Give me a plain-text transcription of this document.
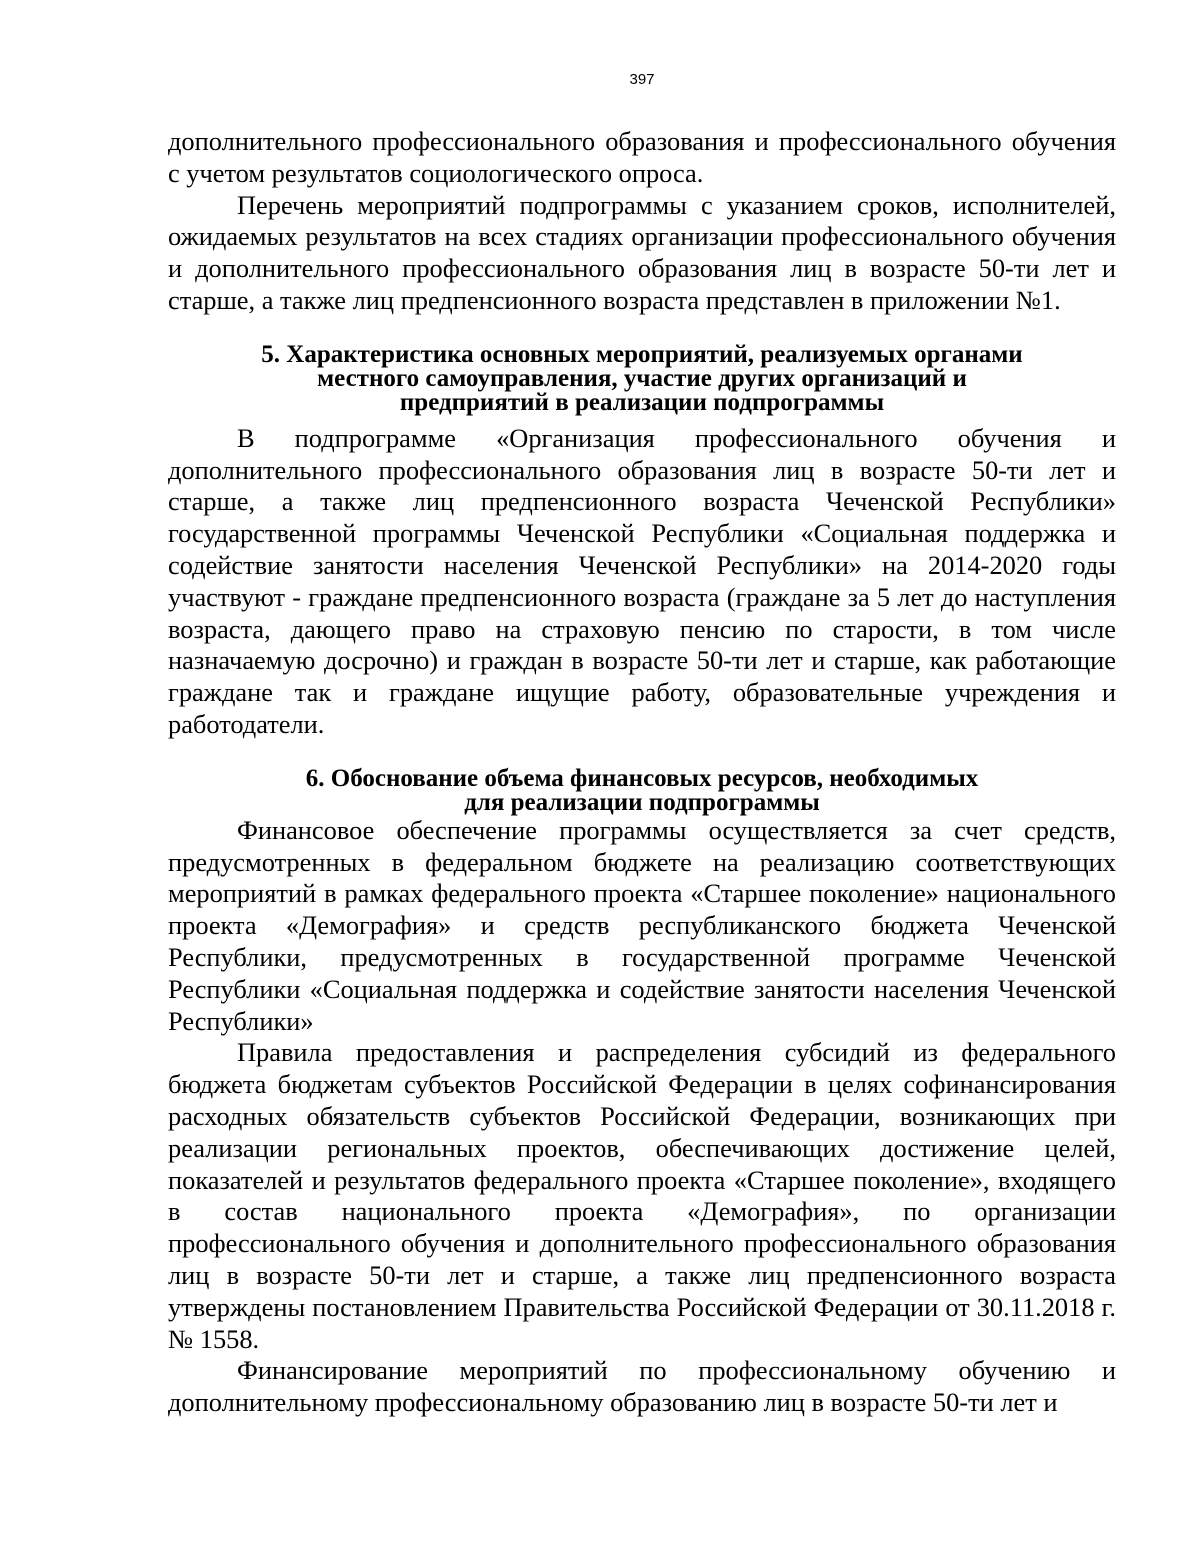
397

дополнительного профессионального образования и профессионального обучения с учетом результатов социологического опроса.

Перечень мероприятий подпрограммы с указанием сроков, исполнителей, ожидаемых результатов на всех стадиях организации профессионального обучения и дополнительного профессионального образования лиц в возрасте 50-ти лет и старше, а также лиц предпенсионного возраста представлен в приложении №1.

5. Характеристика основных мероприятий, реализуемых органами
местного самоуправления, участие других организаций и
предприятий в реализации подпрограммы

В подпрограмме «Организация профессионального обучения и дополнительного профессионального образования лиц в возрасте 50-ти лет и старше, а также лиц предпенсионного возраста Чеченской Республики» государственной программы Чеченской Республики «Социальная поддержка и содействие занятости населения Чеченской Республики» на 2014-2020 годы участвуют - граждане предпенсионного возраста (граждане за 5 лет до наступления возраста, дающего право на страховую пенсию по старости, в том числе назначаемую досрочно) и граждан в возрасте 50-ти лет и старше, как работающие граждане так и граждане ищущие работу, образовательные учреждения и работодатели.

6. Обоснование объема финансовых ресурсов, необходимых
для реализации подпрограммы

Финансовое обеспечение программы осуществляется за счет средств, предусмотренных в федеральном бюджете на реализацию соответствующих мероприятий в рамках федерального проекта «Старшее поколение» национального проекта «Демография» и средств республиканского бюджета Чеченской Республики, предусмотренных в государственной программе Чеченской Республики «Социальная поддержка и содействие занятости населения Чеченской Республики»

Правила предоставления и распределения субсидий из федерального бюджета бюджетам субъектов Российской Федерации в целях софинансирования расходных обязательств субъектов Российской Федерации, возникающих при реализации региональных проектов, обеспечивающих достижение целей, показателей и результатов федерального проекта «Старшее поколение», входящего в состав национального проекта «Демография», по организации профессионального обучения и дополнительного профессионального образования лиц в возрасте 50-ти лет и старше, а также лиц предпенсионного возраста утверждены постановлением Правительства Российской Федерации от 30.11.2018 г. № 1558.

Финансирование мероприятий по профессиональному обучению и дополнительному профессиональному образованию лиц в возрасте 50-ти лет и
